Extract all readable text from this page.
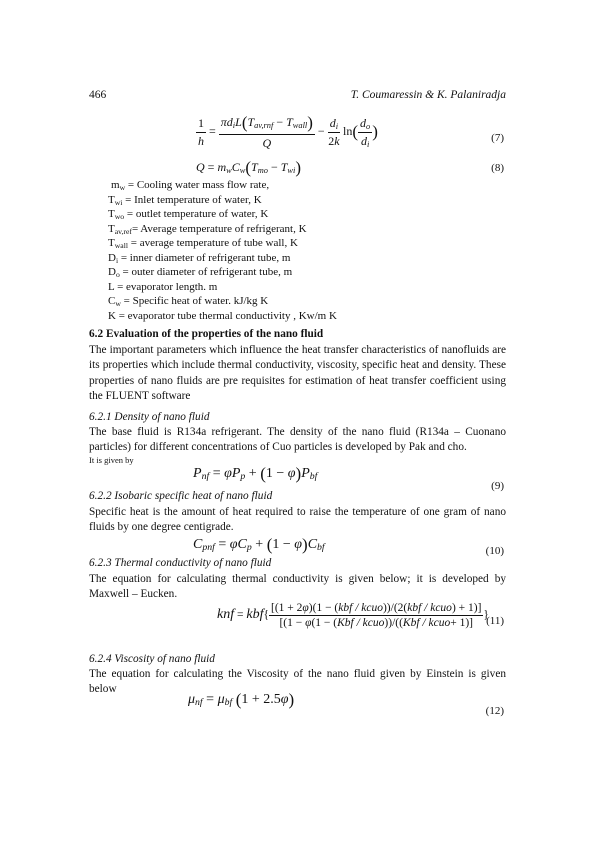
466	T. Coumaressin & K. Palaniradja
$\frac{1}{h} = \frac{\pi d_iL(T_{av,rnf} - T_{wall})}{Q} - \frac{d_i}{2k} \ln( \frac{d_o}{d_i}$ )	(7)
$Q = m_wC_w(T_{mo} - T_{wi})$	(8)
$m_w$ = Cooling water mass flow rate,
$T_{wi}$ = Inlet temperature of water, K
$T_{wo}$ = outlet temperature of water, K
$T_{av,ref}=$ Average temperature of refrigerant, K
$T_{wall}$ = average temperature of tube wall, K
$D_i$ = inner diameter of refrigerant tube, m
$D_o$ = outer diameter of refrigerant tube, m
L = evaporator length. m
$C_w$ = Specific heat of water. kJ/kg K
K = evaporator tube thermal conductivity , Kw/m K
6.2 Evaluation of the properties of the nano fluid
The important parameters which influence the heat transfer characteristics of nanofluids are its properties which include thermal conductivity, viscosity, specific heat and density. These properties of nano fluids are pre requisites for estimation of heat transfer coefficient using the FLUENT software
6.2.1 Density of nano fluid
The base fluid is R134a refrigerant. The density of the nano fluid (R134a – Cuonano particles) for different concentrations of Cuo particles is developed by Pak and cho.
It is given by
$P_{nf} = \varphi P_p + (1 - \varphi)P_{bf}$
(9)
6.2.2 Isobaric specific heat of nano fluid
Specific heat is the amount of heat required to raise the temperature of one gram of nano fluids by one degree centigrade.
$C_{pnf} = \varphi C_p + (1 - \varphi)C_{bf}$	(10)
6.2.3 Thermal conductivity of nano fluid
The equation for calculating thermal conductivity is given below; it is developed by Maxwell – Eucken.
knf = $kbf\{ \frac{\text{[(1 + 2φ)(1 − (kbf / kcuo))/(2(kbf / kcuo) + 1)]}}{\text{[(1 − φ(1 − (Kbf / kcuo))/((Kbf / kcuo+ 1)]}}$ }
(11)
6.2.4 Viscosity of nano fluid
The equation for calculating the Viscosity of the nano fluid given by Einstein is given below
$\mu_{nf} = \mu_{bf}$ (1 + 2.5φ)
(12)
